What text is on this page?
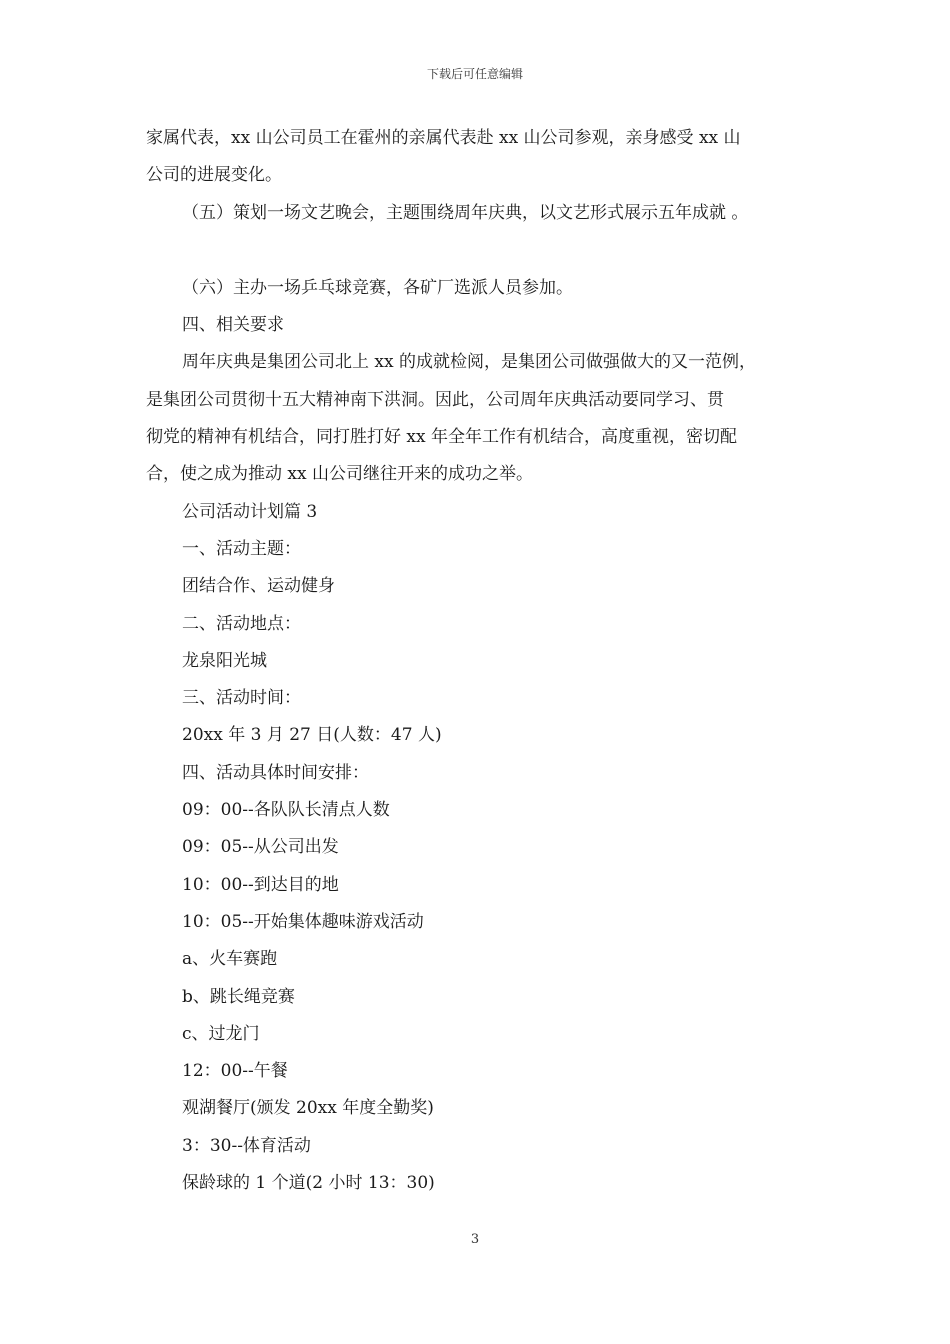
下载后可任意编辑

家属代表，xx 山公司员工在霍州的亲属代表赴 xx 山公司参观，亲身感受 xx 山

公司的进展变化。

（五）策划一场文艺晚会，主题围绕周年庆典，以文艺形式展示五年成就 。

（六）主办一场乒乓球竞赛，各矿厂选派人员参加。

四、相关要求

周年庆典是集团公司北上 xx 的成就检阅，是集团公司做强做大的又一范例，

是集团公司贯彻十五大精神南下洪洞。因此，公司周年庆典活动要同学习、贯

彻党的精神有机结合，同打胜打好 xx 年全年工作有机结合，高度重视，密切配

合，使之成为推动 xx 山公司继往开来的成功之举。

公司活动计划篇 3

一、活动主题：

团结合作、运动健身

二、活动地点：

龙泉阳光城

三、活动时间：

20xx 年 3 月 27 日(人数：47 人)

四、活动具体时间安排：

09：00--各队队长清点人数

09：05--从公司出发

10：00--到达目的地

10：05--开始集体趣味游戏活动

a、火车赛跑

b、跳长绳竞赛

c、过龙门

12：00--午餐

观湖餐厅(颁发 20xx 年度全勤奖)

3：30--体育活动

保龄球的 1 个道(2 小时 13：30)

3
